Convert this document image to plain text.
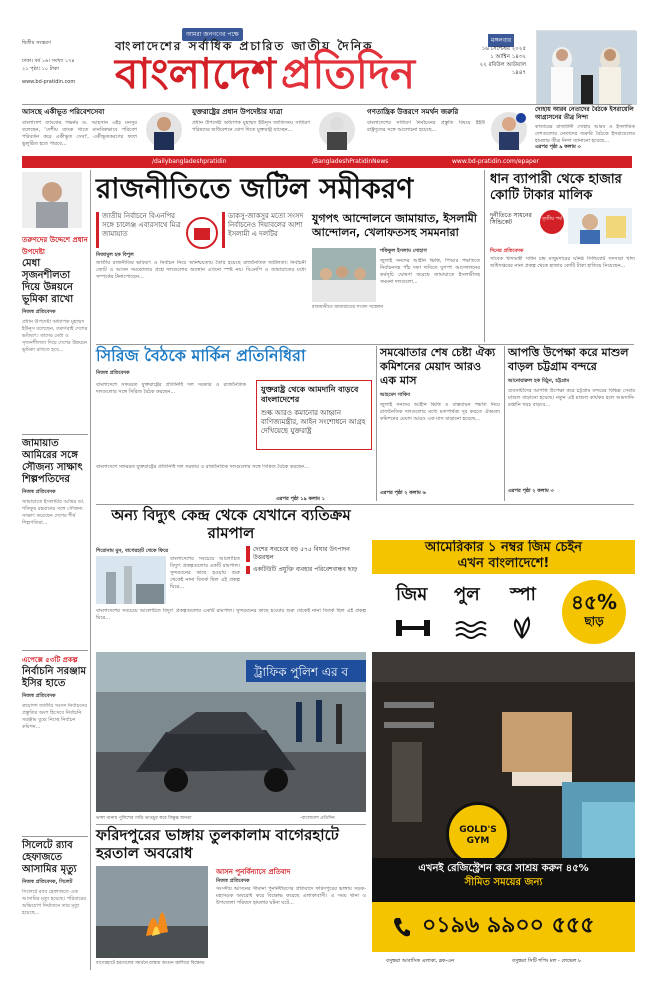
দ্বিতীয় সংস্করণ
ঢাকা। বর্ষ ১৬। সংখ্যা ১৭৪
২১ পৃষ্ঠা। ১০ টাকা
www.bd-pratidin.com
আমরা জনগণের পক্ষে
বাংলাদেশের সর্বাধিক প্রচারিত জাতীয় দৈনিক
বাংলাদেশ প্রতিদিন
মঙ্গলবার
১৬ সেপ্টেম্বর ২০২৫
১ আশ্বিন ১৪৩২
২২ রবিউল আউয়াল ১৪৪৭
আসছে একীভূত পরিবেশসেবা
বাংলাদেশ ব্যাংকের গভর্নর ড. আহসান এইচ মনসুর বলেছেন, 'দেশীয় ব্যাংক খাতে মানবিকভাবে পরিবেশ পরিবর্তন করে একীভূত সেবা', একীভূতকরণের ফলে ভুলুষ্ঠিত হতে পারবে...
যুক্তরাষ্ট্রের প্রধান উপদেষ্টার যাত্রা
প্রধান উপদেষ্টা অধ্যাপক মুহাম্মদ ইউনূস জাতিসংঘ সাধারণ পরিষদের অধিবেশনে যোগ দিতে যুক্তরাষ্ট্র যাচ্ছেন...
গণতান্ত্রিক উত্তরণে সমর্থন জরুরি
বাংলাদেশের সাধারণ নির্বাচনের প্রস্তুতি বিষয়ে ইইউ রাষ্ট্রদূতের সঙ্গে আলোচনা হয়েছে...
দোহায় আরব নেতাদের বৈঠকে ইসরায়েলি আগ্রাসনের তীব্র নিন্দা
কাতারের রাজধানী দোহায় আরব ও ইসলামিক দেশগুলোর নেতাদের জরুরি বৈঠকে ইসরায়েলের হামলার তীব্র নিন্দা জানানো হয়েছে...
এরপর পৃষ্ঠা ৯ কলাম ৩
/dailybangladeshpratidin	/BangladeshPratidinNews	www.bd-pratidin.com/epaper
তরুণদের উদ্দেশে প্রধান উপদেষ্টা
মেধা সৃজনশীলতা দিয়ে উন্নয়নে ভূমিকা রাখো
নিজস্ব প্রতিবেদক
প্রধান উপদেষ্টা অধ্যাপক মুহাম্মদ ইউনূস বলেছেন, তরুণরাই দেশের ভবিষ্যৎ। তাদের মেধা ও সৃজনশীলতা দিয়ে দেশের উন্নয়নে ভূমিকা রাখতে হবে...
জামায়াত আমিরের সঙ্গে সৌজন্য সাক্ষাৎ শিল্পপতিদের
নিজস্ব প্রতিবেদক
জামায়াতে ইসলামীর আমির ডা. শফিকুর রহমানের সঙ্গে সৌজন্য সাক্ষাৎ করেছেন দেশের শীর্ষ শিল্পপতিরা...
এপেক্সে ৫৩টি প্রকল্প
নির্বাচনি সরঞ্জাম ইসির হাতে
নিজস্ব প্রতিবেদক
ত্রয়োদশ জাতীয় সংসদ নির্বাচনের প্রস্তুতির অংশ হিসেবে নির্বাচনি সরঞ্জাম বুঝে নিচ্ছে নির্বাচন কমিশন...
সিলেটে র‍্যাব হেফাজতে আসামির মৃত্যু
নিজস্ব প্রতিবেদক, সিলেট
সিলেটে র‍্যাব হেফাজতে এক আসামির মৃত্যু হয়েছে। পরিবারের অভিযোগ নির্যাতনে তার মৃত্যু হয়েছে...
রাজনীতিতে জটিল সমীকরণ
জাতীয় নির্বাচনে বিএনপির সঙ্গে চালেঞ্জ এবারসাথে মিত্র জামায়াত
ডাকসু-জাকসুর মতো সংসদ নির্বাচনেও দিয়াবলের আশা ইসলামী এ দলটির
নিজামুল হক বিপুল
জাতীয় রাজনীতির ভবিষ্যৎ ও নির্বাচন নিয়ে অনিশ্চয়তায় তৈরি হয়েছে রাজনৈতিক জটিলতা। নির্বাচনী জোট ও আসন সমঝোতার প্রশ্নে দলগুলোর অবস্থান এখনো স্পষ্ট নয়। বিএনপি ও জামায়াতের মধ্যে সম্পর্কের টানাপোড়েন...
যুগপৎ আন্দোলনে জামায়াত, ইসলামী আন্দোলন, খেলাফতসহ সমমনারা
শফিকুল ইসলাম সোহাগ
জুলাই সনদের আইনি ভিত্তি, পিআর পদ্ধতিতে নির্বাচনসহ পাঁচ দফা দাবিতে যুগপৎ আন্দোলনের কর্মসূচি ঘোষণা করেছে জামায়াতে ইসলামীসহ সমমনা দলগুলো...
রাজধানীতে জামায়াতের সংবাদ সম্মেলন
ধান ব্যাপারী থেকে হাজার কোটি টাকার মালিক
দুর্নীতিতে সাধনের সিন্ডিকেট	তৃতীয় পর্ব
দিনের প্রতিবেদক
সাবেক খাদ্যমন্ত্রী সাধন চন্দ্র মজুমদারের ঘনিষ্ঠ সিন্ডিকেট সদস্যরা খাদ্য অধিদপ্তরের নানা প্রকল্প থেকে হাজার কোটি টাকা হাতিয়ে নিয়েছেন...
সিরিজ বৈঠকে মার্কিন প্রতিনিধিরা
নিজস্ব প্রতিবেদক
বাংলাদেশে সফররত যুক্তরাষ্ট্রের প্রতিনিধি দল সরকার ও রাজনৈতিক দলগুলোর সঙ্গে সিরিজ বৈঠক করছেন...	যুক্তরাষ্ট্র থেকে আমদানি বাড়বে বাংলাদেশের
শুল্ক আরও কমানোর আহ্বান বাণিজ্যমন্ত্রীর, আইন সংশোধনে আগ্রহ দেখিয়েছে যুক্তরাষ্ট্র
বাংলাদেশে সফররত যুক্তরাষ্ট্রের প্রতিনিধি দল সরকার ও রাজনৈতিক দলগুলোর সঙ্গে সিরিজ বৈঠক করছেন...
এরপর পৃষ্ঠা ১৯ কলাম ১
সমঝোতার শেষ চেষ্টা ঐক্য কমিশনের মেয়াদ আরও এক মাস
আহমেদ সাকিব
জুলাই সনদের আইনি ভিত্তি ও বাস্তবায়ন পদ্ধতি নিয়ে রাজনৈতিক দলগুলোর মধ্যে মতপার্থক্য দূর করতে ঐকমত্য কমিশনের মেয়াদ আরও এক মাস বাড়ানো হয়েছে...
এরপর পৃষ্ঠা ২ কলাম ৬
আপত্তি উপেক্ষা করে মাশুল বাড়ল চট্টগ্রাম বন্দরে
আনোয়ারুল হক মিঠুন, চট্টগ্রাম
ব্যবসায়ীদের আপত্তি উপেক্ষা করে চট্টগ্রাম বন্দরের বিভিন্ন সেবার মাশুল বাড়ানো হয়েছে। নতুন এই মাশুল কার্যকর হলে আমদানি-রপ্তানি খরচ বাড়বে...
এরপর পৃষ্ঠা ২ কলাম ৩
অন্য বিদ্যুৎ কেন্দ্র থেকে যেখানে ব্যতিক্রম রামপাল
শিরোনাম মুন, বাগেরহাট থেকে ফিরে
বাংলাদেশের সবচেয়ে আলোচিত বিদ্যুৎ প্রকল্পগুলোর একটি রামপাল। সুন্দরবনের কাছে হওয়ায় শুরু থেকেই নানা বিতর্ক ছিল এই প্রকল্প ঘিরে...
দেশের সবচেয়ে বড় ৫৭৫ বিঘার উৎপাদন উত্তরস্থল
একটিউটি প্রযুক্তি ব্যবহার পরিবেশবান্ধব ছাড়
বাংলাদেশের সবচেয়ে আলোচিত বিদ্যুৎ প্রকল্পগুলোর একটি রামপাল। সুন্দরবনের কাছে হওয়ায় শুরু থেকেই নানা বিতর্ক ছিল এই প্রকল্প ঘিরে...
ট্রাফিক পুলিশ এর ব
ভাঙ্গা থানায় পুলিশের গাড়ি ভাঙচুর করে বিক্ষুব্ধ জনতা	-বাংলাদেশ প্রতিদিন
ফরিদপুরের ভাঙ্গায় তুলকালাম বাগেরহাটে হরতাল অবরোধ
আসন পুনর্বিন্যাসে প্রতিবাদ
নিজস্ব প্রতিবেদক
সংসদীয় আসনের সীমানা পুনর্নির্ধারণের প্রতিবাদে ফরিদপুরের ভাঙ্গায় সড়ক-মহাসড়ক অবরোধ করে বিক্ষোভ করেছে এলাকাবাসী। এ সময় থানা ও উপজেলা পরিষদে হামলার ঘটনা ঘটে...
বাগেরহাটে হরতালের সমর্থনে রাস্তায় আগুন জ্বালিয়ে বিক্ষোভ
আমেরিকার ১ নম্বর জিম চেইন
এখন বাংলাদেশে!
জিম পুল স্পা	৪৫%
ছাড়
GOLD'S GYM
এখনই রেজিস্ট্রেশন করে সাশ্রয় করুন ৪৫%
সীমিত সময়ের জন্য
০১৯৬ ৯৯০০ ৫৫৫
বসুন্ধরা আবাসিক এলাকা, ব্লক-এন	বসুন্ধরা সিটি শপিং মল - লেভেল ৮
